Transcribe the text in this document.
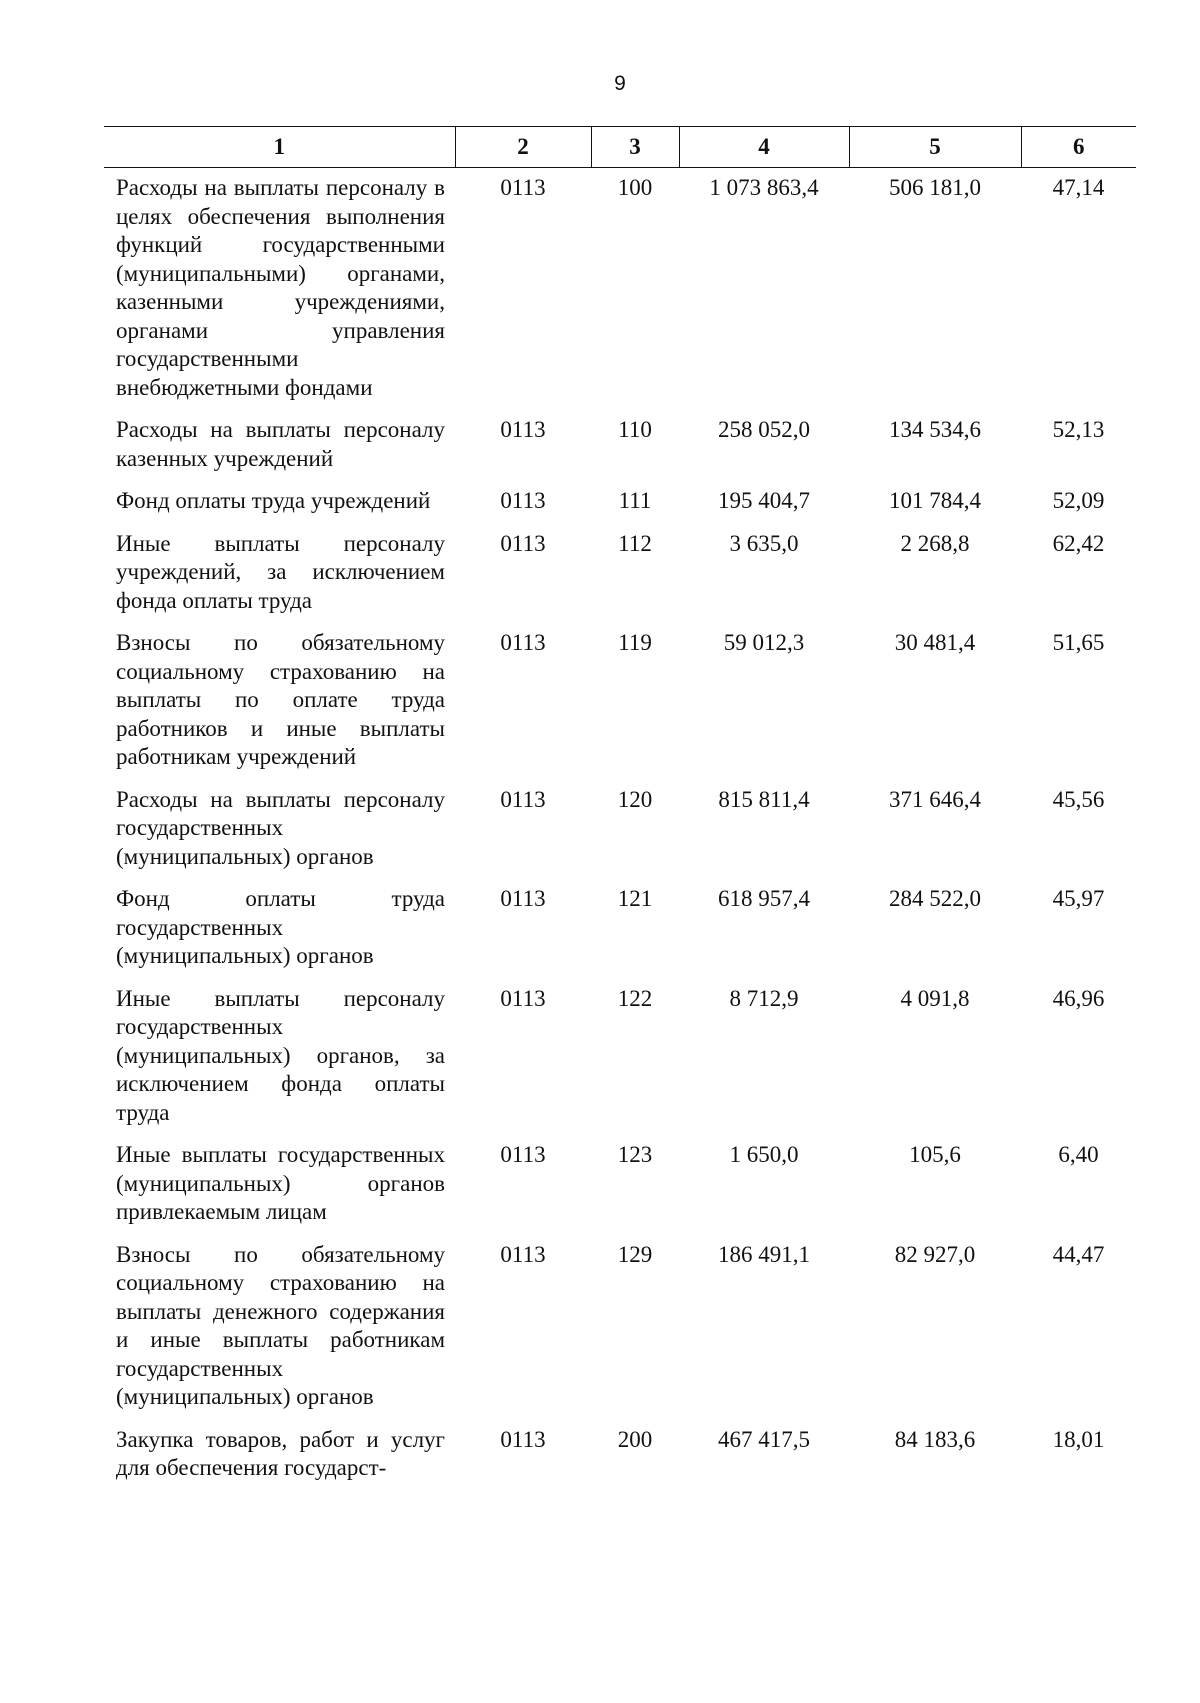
9
1	2	3	4	5	6
Расходы на выплаты персоналу в целях обеспечения выполнения функций государственными (муниципальными) органами, казенными учреждениями, органами управления государственными внебюджетными фондами	0113	100	1 073 863,4	506 181,0	47,14
Расходы на выплаты персоналу казенных учреждений	0113	110	258 052,0	134 534,6	52,13
Фонд оплаты труда учреждений	0113	111	195 404,7	101 784,4	52,09
Иные выплаты персоналу учреждений, за исключением фонда оплаты труда	0113	112	3 635,0	2 268,8	62,42
Взносы по обязательному социальному страхованию на выплаты по оплате труда работников и иные выплаты работникам учреждений	0113	119	59 012,3	30 481,4	51,65
Расходы на выплаты персоналу государственных (муниципальных) органов	0113	120	815 811,4	371 646,4	45,56
Фонд оплаты труда государственных (муниципальных) органов	0113	121	618 957,4	284 522,0	45,97
Иные выплаты персоналу государственных (муниципальных) органов, за исключением фонда оплаты труда	0113	122	8 712,9	4 091,8	46,96
Иные выплаты государственных (муниципальных) органов привлекаемым лицам	0113	123	1 650,0	105,6	6,40
Взносы по обязательному социальному страхованию на выплаты денежного содержания и иные выплаты работникам государственных (муниципальных) органов	0113	129	186 491,1	82 927,0	44,47
Закупка товаров, работ и услуг для обеспечения государст-	0113	200	467 417,5	84 183,6	18,01
